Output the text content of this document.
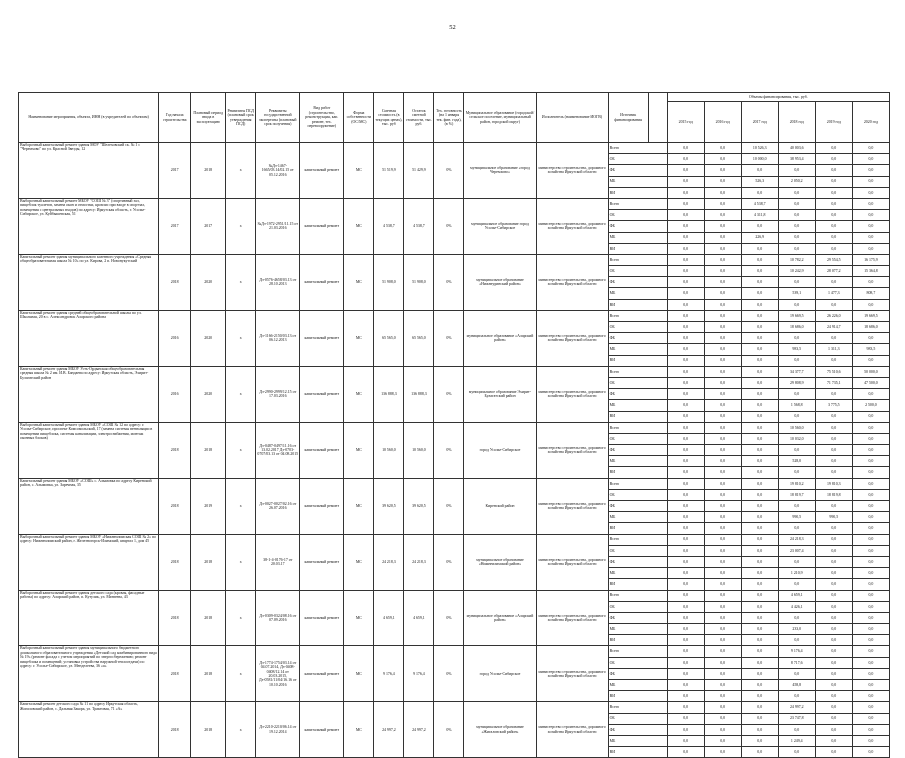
52
Наименование мероприятия, объекта, ИНН (в учредителей по объектам)	Год начала строительства	Плановый период ввода в эксплуатацию	Реквизиты ПСД (плановый срок утверждения ПСД)	Реквизиты государственной экспертизы (плановый срок получения)	Вид работ (строительство, реконструкция, кап. ремонт, тех. перевооружение)	Форма собственности (ОС/МС)	Сметная стоимость (в текущих ценах), тыс. руб	Остаток сметной стоимости, тыс. руб.	Тех. готовность (на 1 января тек. фин. года), (в %)	Муниципальное образование (городской/сельское поселение, муниципальный район, городской округ)	Исполнитель (наименование ИОГВ)	Источник финансирования		Объемы финансирования, тыс. руб.					
														2015 год	2016 год	2017 год	2018 год	2019 год	2020 год
Выборочный капитальный ремонт здания МОУ "Шелеховский ск. № 1 с "Черемхово" по ул. Красной Звезды, 12	2017	2018	х	№Дз-1467-1665/03.14/02.15 от 05.12.2016	капитальный ремонт	МС	51 519,9	51 429,9	0%	муниципальное образование «город Черемхово»	министерство строительства, дорожного хозяйства Иркутской области	Всего		0,0	0,0	10 526,3	40 003,6	0,0	0,0
												ОБ		0,0	0,0	10 000,0	38 953,4	0,0	0,0
												ФБ		0,0	0,0	0,0	0,0	0,0	0,0
												МБ		0,0	0,0	526,3	2 050,2	0,0	0,0
												ВИ		0,0	0,0	0,0	0,0	0,0	0,0
Выборочный капитальный ремонт МБОУ "СОШ № 3" (спортивный зал, пищеблок туалетов, замена окон и отмостки, кровлиc при входе в спортзал, помещения с центральных входов) по адресу: Иркутская область, г. Усолье-Сибирское, ул. Куйбышевская, 51	2017	2017	х	№Дз-1972-2951/11.15 от 21.03.2016	капитальный ремонт	МС	4 538,7	4 538,7	0%	муниципальное образование город Усолье-Сибирское	министерство строительства, дорожного хозяйства Иркутской области	Всего		0,0	0,0	4 538,7	0,0	0,0	0,0
												ОБ		0,0	0,0	4 311,8	0,0	0,0	0,0
												ФБ		0,0	0,0	0,0	0,0	0,0	0,0
												МБ		0,0	0,0	226,9	0,0	0,0	0,0
												ВИ		0,0	0,0	0,0	0,0	0,0	0,0
Капитальный ремонт здания муниципального казенного учреждения «Средняя общеобразовательная школа № 10» по ул. Кирова, 2 п. Новонукутский	2018	2020	х	Дз-0576-4658/03.13 от 28.10.2013	капитальный ремонт	МС	51 908,0	51 908,0	0%	муниципальное образование «Нижнеудинский район»	министерство строительства, дорожного хозяйства Иркутской области	Всего		0,0	0,0	0,0	10 782,2	29 554,5	16 175,9
												ОБ		0,0	0,0	0,0	10 242,9	28 077,2	15 364,8
												ФБ		0,0	0,0	0,0	0,0	0,0	0,0
												МБ		0,0	0,0	0,0	539,1	1 477,3	808,7
												ВИ		0,0	0,0	0,0	0,0	0,0	0,0
Капитальный ремонт здания средней общеобразовательной школы по ул. Школьная, 20 в с. Александровск Аларского района	2016	2020	х	Дз-1166-2150/03.13 от 06.12.2013	капитальный ремонт	МС	65 565,0	65 565,0	0%	муниципальное образование «Аларский район»	министерство строительства, дорожного хозяйства Иркутской области	Всего		0,0	0,0	0,0	19 669,5	26 226,0	19 669,5
												ОБ		0,0	0,0	0,0	18 686,0	24 914,7	18 686,0
												ФБ		0,0	0,0	0,0	0,0	0,0	0,0
												МБ		0,0	0,0	0,0	983,5	1 311,3	983,5
												ВИ		0,0	0,0	0,0	0,0	0,0	0,0
Капитальный ремонт здания МБОУ Усть-Ордынская общеобразовательная средняя школа № 2 им. И.В. Бандаева по адресу: Иркутская область, Эхирит-Булагатский район	2016	2020	х	Дз-2990-2999/12.15 от 17.03.2016	капитальный ремонт	МС	136 888,3	136 888,3	0%	муниципальное образование Эхирит-Булагатский район	министерство строительства, дорожного хозяйства Иркутской области	Всего		0,0	0,0	0,0	34 377,7	75 510,6	50 000,0
												ОБ		0,0	0,0	0,0	29 808,9	71 735,1	47 500,0
												ФБ		0,0	0,0	0,0	0,0	0,0	0,0
												МБ		0,0	0,0	0,0	1 568,8	3 775,5	2 500,0
												ВИ		0,0	0,0	0,0	0,0	0,0	0,0
Выборочный капитальный ремонт здания МБОУ «СОШ № 12 по адресу: г. Усолье-Сибирское, проспект Комсомольский, 17 (замена системы вентиляции в помещении пищеблока, системы канализации, электроснабжения, монтаж оконных блоков)	2018	2018	х	Дз-0487-0497/11.16 от 13.02.2017 Дз-0703-0707/03.13 от 04.08.2015	капитальный ремонт	МС	10 560,0	10 560,0	0%	город Усолье-Сибирское	министерство строительства, дорожного хозяйства Иркутской области	Всего		0,0	0,0	0,0	10 560,0	0,0	0,0
												ОБ		0,0	0,0	0,0	10 032,0	0,0	0,0
												ФБ		0,0	0,0	0,0	0,0	0,0	0,0
												МБ		0,0	0,0	0,0	528,0	0,0	0,0
												ВИ		0,0	0,0	0,0	0,0	0,0	0,0
Капитальный ремонт здания МБОУ «СОШ» с. Алымовка по адресу Киренский район, с. Алымовка, ул. Заречная, 35	2018	2019	х	Дз-0027-0027/02.16 от 26.07.2016	капитальный ремонт	МС	39 620,5	39 620,5	0%	Киренский район	министерство строительства, дорожного хозяйства Иркутской области	Всего		0,0	0,0	0,0	19 810,2	19 810,3	0,0
												ОБ		0,0	0,0	0,0	18 819,7	18 819,8	0,0
												ФБ		0,0	0,0	0,0	0,0	0,0	0,0
												МБ		0,0	0,0	0,0	990,5	990,5	0,0
												ВИ		0,0	0,0	0,0	0,0	0,0	0,0
Выборочный капитальный ремонт здания МБОУ «Нижнеилимская СОШ № 2» по адресу: Нижнеилимский район, г. Железногорск-Илимский, квартал 1, дом 45	2018	2018	х	38-1-4-0176-17 от 20.03.17	капитальный ремонт	МС	24 218,3	24 218,3	0%	муниципальное образование «Нижнеилимский район»	министерство строительства, дорожного хозяйства Иркутской области	Всего		0,0	0,0	0,0	24 218,3	0,0	0,0
												ОБ		0,0	0,0	0,0	23 007,4	0,0	0,0
												ФБ		0,0	0,0	0,0	0,0	0,0	0,0
												МБ		0,0	0,0	0,0	1 210,9	0,0	0,0
												ВИ		0,0	0,0	0,0	0,0	0,0	0,0
Выборочный капитальный ремонт здания детского сада (кровля, фасадные работы) по адресу: Аларский район, п. Кутулик, ул. Матвеева, 43	2018	2018	х	Дз-0309-0324/08.16 от 07.09.2016	капитальный ремонт	МС	4 659,1	4 659,1	0%	муниципальное образование «Аларский район»	министерство строительства, дорожного хозяйства Иркутской области	Всего		0,0	0,0	0,0	4 659,1	0,0	0,0
												ОБ		0,0	0,0	0,0	4 426,1	0,0	0,0
												ФБ		0,0	0,0	0,0	0,0	0,0	0,0
												МБ		0,0	0,0	0,0	233,0	0,0	0,0
												ВИ		0,0	0,0	0,0	0,0	0,0	0,0
Выборочный капитальный ремонт здания муниципального бюджетного дошкольного образовательного учреждения «Детский сад комбинированного вида № 19» (ремонт фасада с учетом мероприятий по энергосбережению; ремонт пищеблока и помещений; установка устройства наружной теплоотдачи) по адресу: г. Усолье-Сибирское, ул. Менделеева, 36 «а»	2018	2018	х	Дз-1774-1754/03.14 от 04.07.2014, Дз-0408-0408/12.14 от 20.03.2015, Дз-0581/11/04/16.16 от 10.10.2016	капитальный ремонт	МС	9 176,4	9 176,4	0%	город Усолье-Сибирское	министерство строительства, дорожного хозяйства Иркутской области	Всего		0,0	0,0	0,0	9 176,4	0,0	0,0
												ОБ		0,0	0,0	0,0	8 717,6	0,0	0,0
												ФБ		0,0	0,0	0,0	0,0	0,0	0,0
												МБ		0,0	0,0	0,0	458,8	0,0	0,0
												ВИ		0,0	0,0	0,0	0,0	0,0	0,0
Капитальный ремонт детского сада № 11 по адресу Иркутская область, Жигаловский район, с. Дальняя Закора, ул. Трактовая, 71 «А»	2018	2018	х	Дз-2210-2210/06.14 от 19.12.2014	капитальный ремонт	МС	24 997,2	24 997,2	0%	муниципальное образование «Жигаловский район»	министерство строительства, дорожного хозяйства Иркутской области	Всего		0,0	0,0	0,0	24 997,2	0,0	0,0
												ОБ		0,0	0,0	0,0	23 747,8	0,0	0,0
												ФБ		0,0	0,0	0,0	0,0	0,0	0,0
												МБ		0,0	0,0	0,0	1 249,4	0,0	0,0
												ВИ		0,0	0,0	0,0	0,0	0,0	0,0
